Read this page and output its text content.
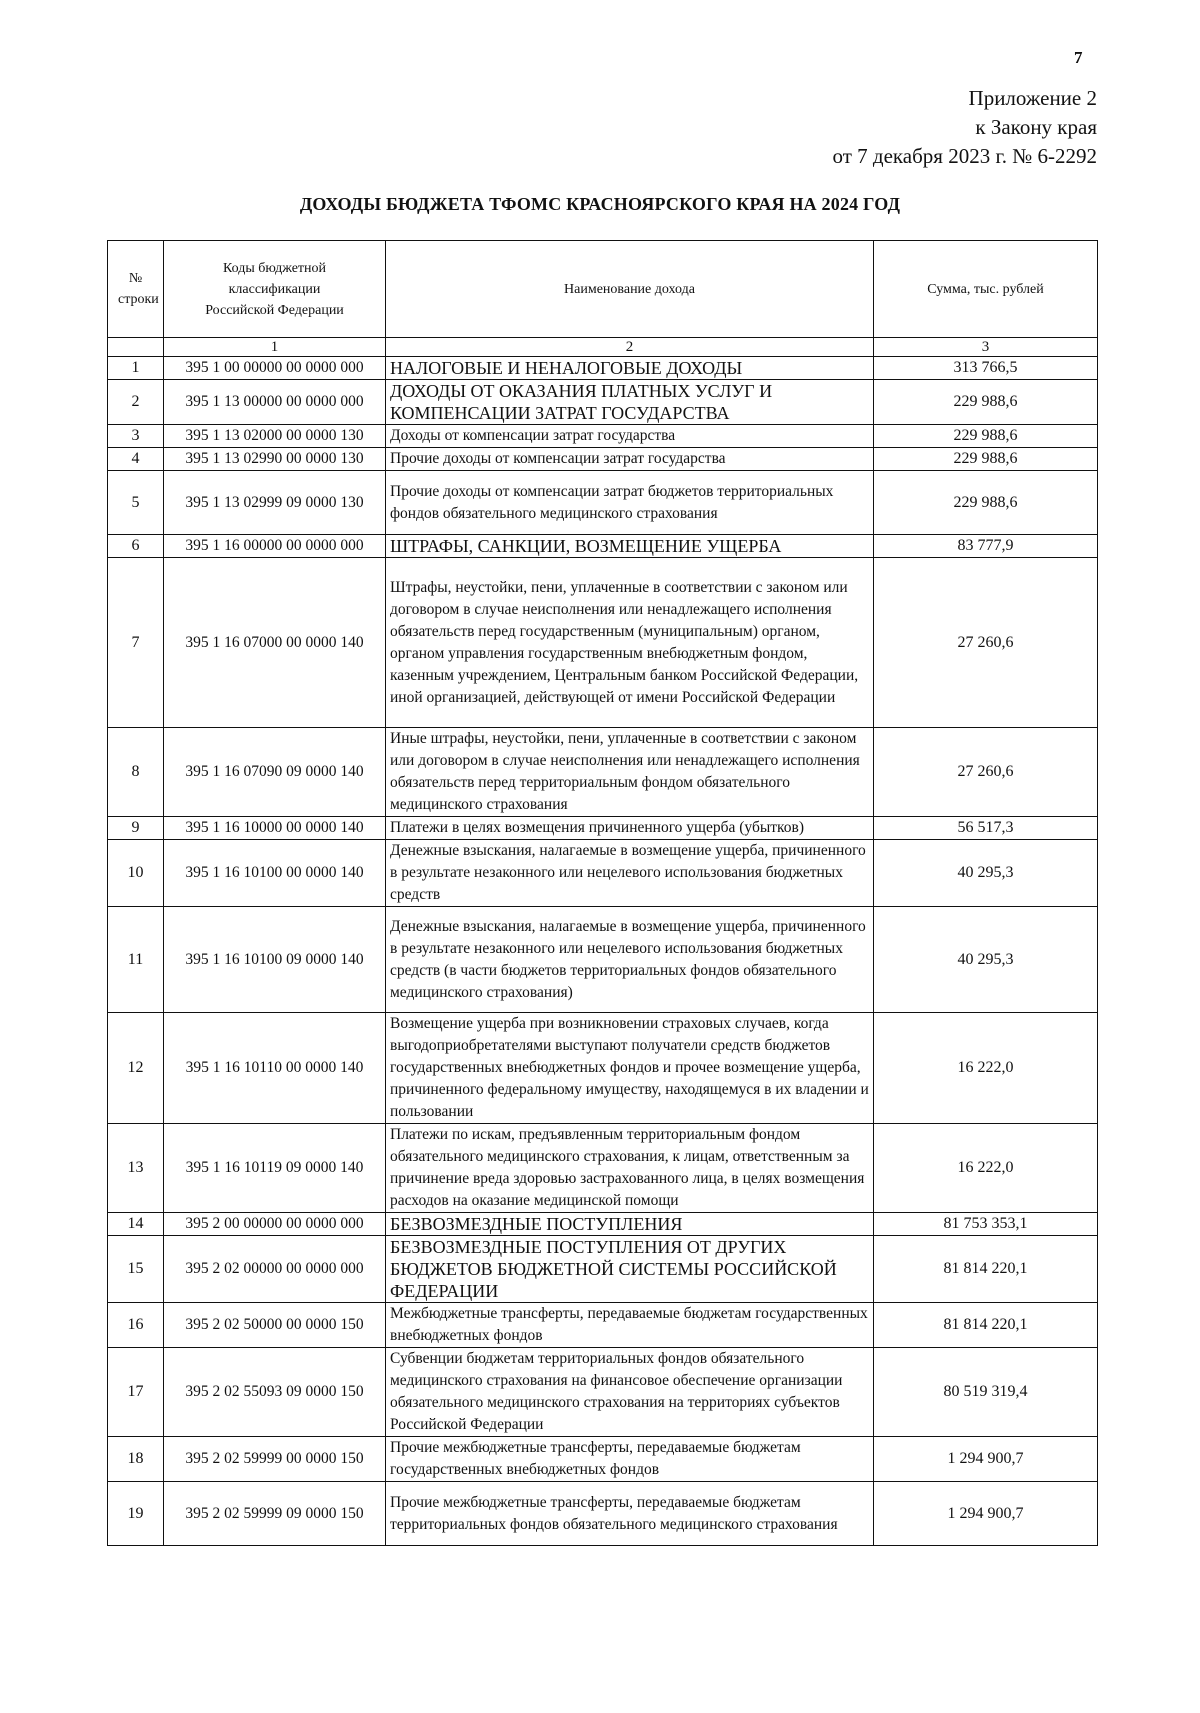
7
Приложение 2
к Закону края
от 7 декабря 2023 г. № 6-2292
ДОХОДЫ БЮДЖЕТА ТФОМС КРАСНОЯРСКОГО КРАЯ НА 2024 ГОД
№ строки	Коды бюджетной классификации Российской Федерации	Наименование дохода	Сумма, тыс. рублей
	1	2	3
1	395 1 00 00000 00 0000 000	НАЛОГОВЫЕ И НЕНАЛОГОВЫЕ ДОХОДЫ	313 766,5
2	395 1 13 00000 00 0000 000	ДОХОДЫ ОТ ОКАЗАНИЯ ПЛАТНЫХ УСЛУГ И КОМПЕНСАЦИИ ЗАТРАТ ГОСУДАРСТВА	229 988,6
3	395 1 13 02000 00 0000 130	Доходы от компенсации затрат государства	229 988,6
4	395 1 13 02990 00 0000 130	Прочие доходы от компенсации затрат государства	229 988,6
5	395 1 13 02999 09 0000 130	Прочие доходы от компенсации затрат бюджетов территориальных фондов обязательного медицинского страхования	229 988,6
6	395 1 16 00000 00 0000 000	ШТРАФЫ, САНКЦИИ, ВОЗМЕЩЕНИЕ УЩЕРБА	83 777,9
7	395 1 16 07000 00 0000 140	Штрафы, неустойки, пени, уплаченные в соответствии с законом или договором в случае неисполнения или ненадлежащего исполнения обязательств перед государственным (муниципальным) органом, органом управления государственным внебюджетным фондом, казенным учреждением, Центральным банком Российской Федерации, иной организацией, действующей от имени Российской Федерации	27 260,6
8	395 1 16 07090 09 0000 140	Иные штрафы, неустойки, пени, уплаченные в соответствии с законом или договором в случае неисполнения или ненадлежащего исполнения обязательств перед территориальным фондом обязательного медицинского страхования	27 260,6
9	395 1 16 10000 00 0000 140	Платежи в целях возмещения причиненного ущерба (убытков)	56 517,3
10	395 1 16 10100 00 0000 140	Денежные взыскания, налагаемые в возмещение ущерба, причиненного в результате незаконного или нецелевого использования бюджетных средств	40 295,3
11	395 1 16 10100 09 0000 140	Денежные взыскания, налагаемые в возмещение ущерба, причиненного в результате незаконного или нецелевого использования бюджетных средств (в части бюджетов территориальных фондов обязательного медицинского страхования)	40 295,3
12	395 1 16 10110 00 0000 140	Возмещение ущерба при возникновении страховых случаев, когда выгодоприобретателями выступают получатели средств бюджетов государственных внебюджетных фондов и прочее возмещение ущерба, причиненного федеральному имуществу, находящемуся в их владении и пользовании	16 222,0
13	395 1 16 10119 09 0000 140	Платежи по искам, предъявленным территориальным фондом обязательного медицинского страхования, к лицам, ответственным за причинение вреда здоровью застрахованного лица, в целях возмещения расходов на оказание медицинской помощи	16 222,0
14	395 2 00 00000 00 0000 000	БЕЗВОЗМЕЗДНЫЕ ПОСТУПЛЕНИЯ	81 753 353,1
15	395 2 02 00000 00 0000 000	БЕЗВОЗМЕЗДНЫЕ ПОСТУПЛЕНИЯ ОТ ДРУГИХ БЮДЖЕТОВ БЮДЖЕТНОЙ СИСТЕМЫ РОССИЙСКОЙ ФЕДЕРАЦИИ	81 814 220,1
16	395 2 02 50000 00 0000 150	Межбюджетные трансферты, передаваемые бюджетам государственных внебюджетных фондов	81 814 220,1
17	395 2 02 55093 09 0000 150	Субвенции бюджетам территориальных фондов обязательного медицинского страхования на финансовое обеспечение организации обязательного медицинского страхования на территориях субъектов Российской Федерации	80 519 319,4
18	395 2 02 59999 00 0000 150	Прочие межбюджетные трансферты, передаваемые бюджетам государственных внебюджетных фондов	1 294 900,7
19	395 2 02 59999 09 0000 150	Прочие межбюджетные трансферты, передаваемые бюджетам территориальных фондов обязательного медицинского страхования	1 294 900,7
